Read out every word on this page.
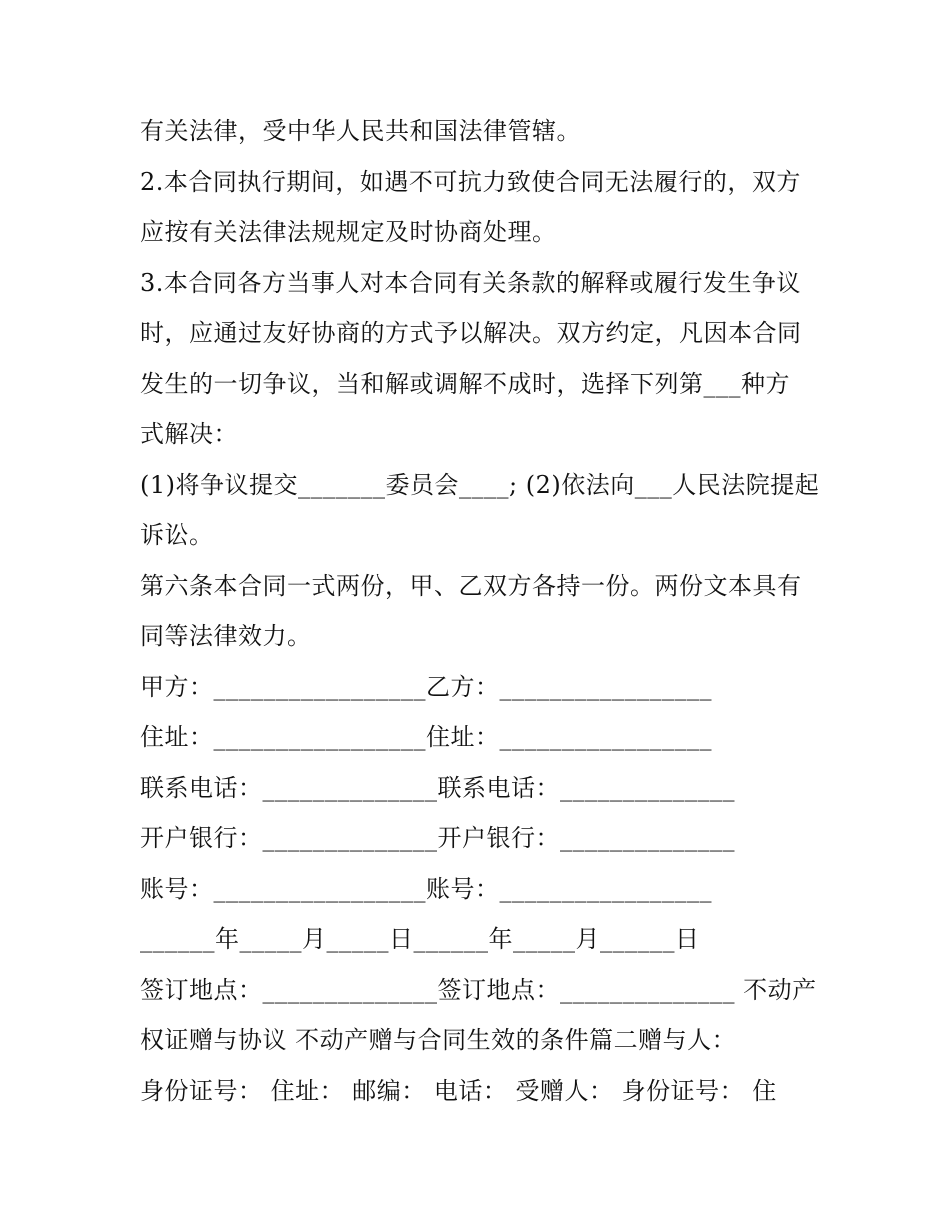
有关法律，受中华人民共和国法律管辖。
2.本合同执行期间，如遇不可抗力致使合同无法履行的，双方
应按有关法律法规规定及时协商处理。
3.本合同各方当事人对本合同有关条款的解释或履行发生争议
时，应通过友好协商的方式予以解决。双方约定，凡因本合同
发生的一切争议，当和解或调解不成时，选择下列第___种方
式解决：
(1)将争议提交_______委员会____; (2)依法向___人民法院提起
诉讼。
第六条本合同一式两份，甲、乙双方各持一份。两份文本具有
同等法律效力。
甲方：_________________乙方：_________________
住址：_________________住址：_________________
联系电话：______________联系电话：______________
开户银行：______________开户银行：______________
账号：_________________账号：_________________
______年_____月_____日______年_____月______日
签订地点：______________签订地点：______________ 不动产
权证赠与协议 不动产赠与合同生效的条件篇二赠与人：
身份证号： 住址： 邮编： 电话： 受赠人： 身份证号： 住
